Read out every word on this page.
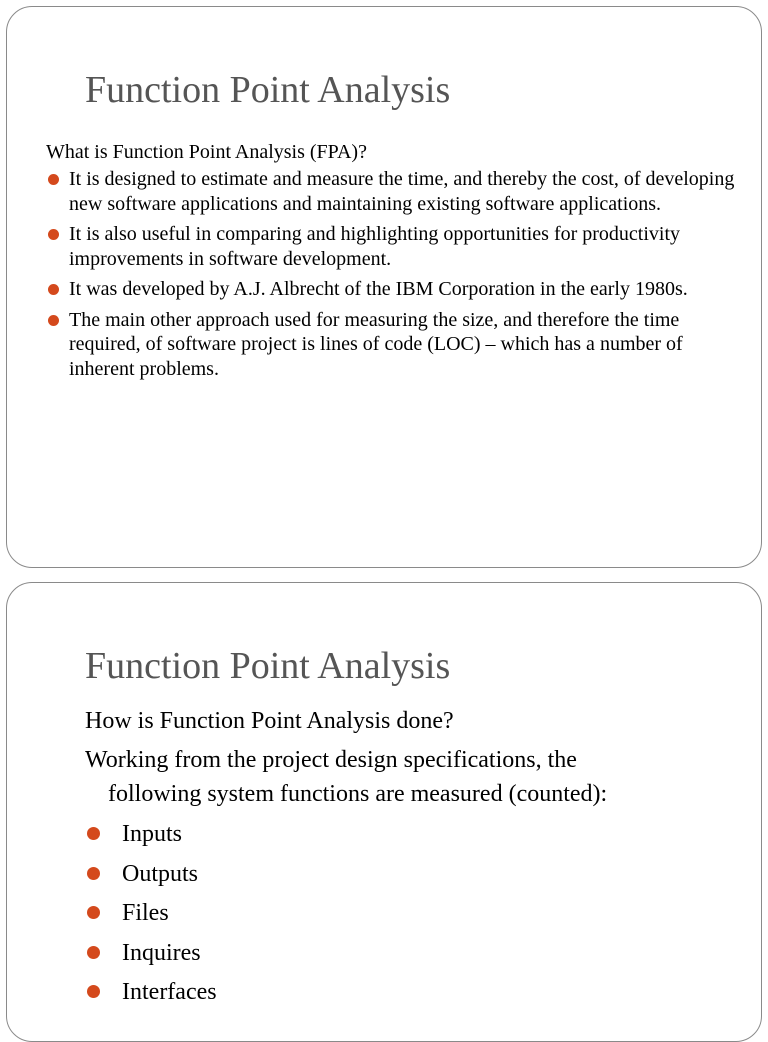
Function Point Analysis
What is Function Point Analysis (FPA)?
It is designed to estimate and measure the time, and thereby the cost, of developing new software applications and maintaining existing software applications.
It is also useful in comparing and highlighting opportunities for productivity improvements in software development.
It was developed by A.J. Albrecht of the IBM Corporation in the early 1980s.
The main other approach used for measuring the size, and therefore the time required, of software project is lines of code (LOC) – which has a number of inherent problems.
Function Point Analysis
How is Function Point Analysis done?
Working from the project design specifications, the
following system functions are measured (counted):
Inputs
Outputs
Files
Inquires
Interfaces
